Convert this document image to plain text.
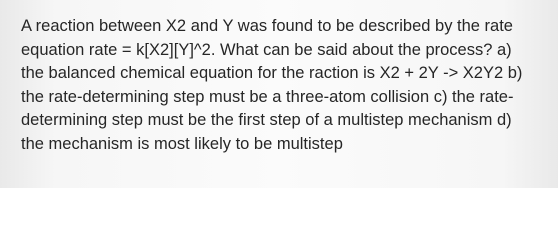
A reaction between X2 and Y was found to be described by the rate equation rate = k[X2][Y]^2. What can be said about the process? a) the balanced chemical equation for the raction is X2 + 2Y -> X2Y2 b) the rate-determining step must be a three-atom collision c) the rate-determining step must be the first step of a multistep mechanism d) the mechanism is most likely to be multistep
